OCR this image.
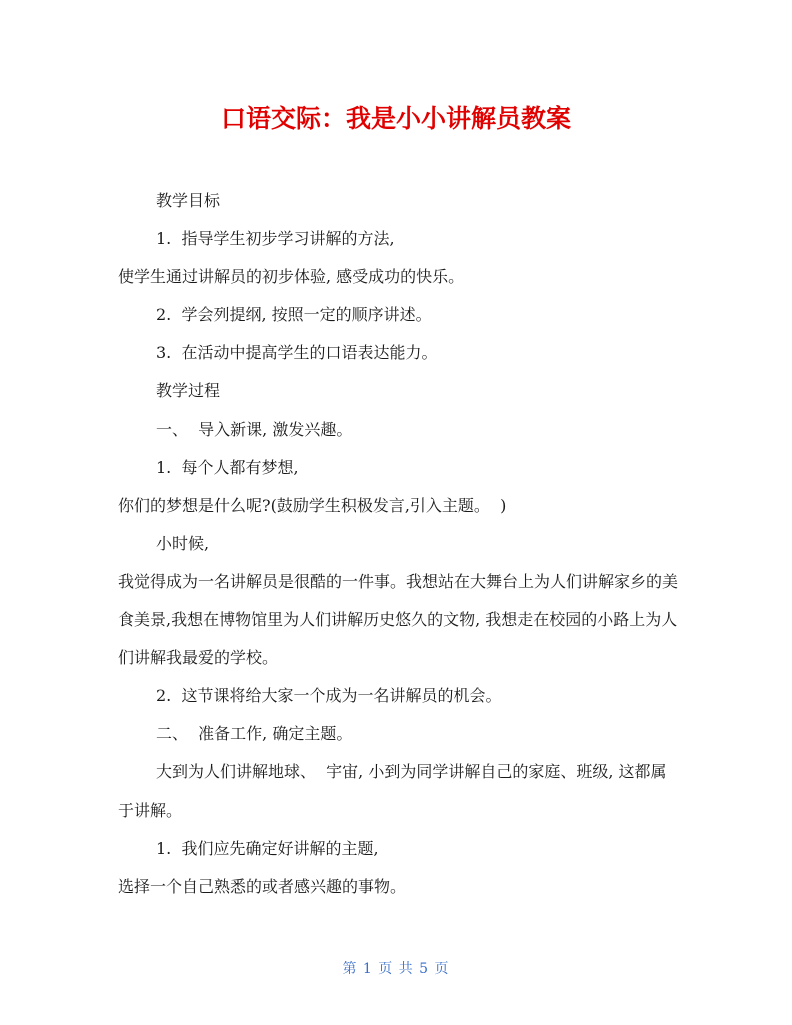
口语交际：我是小小讲解员教案

教学目标

1.  指导学生初步学习讲解的方法,

使学生通过讲解员的初步体验, 感受成功的快乐。

2.  学会列提纲, 按照一定的顺序讲述。

3.  在活动中提高学生的口语表达能力。

教学过程

一、  导入新课, 激发兴趣。

1.  每个人都有梦想,

你们的梦想是什么呢?(鼓励学生积极发言,引入主题。  )

小时候,

我觉得成为一名讲解员是很酷的一件事。我想站在大舞台上为人们讲解家乡的美食美景,我想在博物馆里为人们讲解历史悠久的文物, 我想走在校园的小路上为人们讲解我最爱的学校。

2.  这节课将给大家一个成为一名讲解员的机会。

二、  准备工作, 确定主题。

大到为人们讲解地球、  宇宙, 小到为同学讲解自己的家庭、班级, 这都属于讲解。

1.  我们应先确定好讲解的主题,

选择一个自己熟悉的或者感兴趣的事物。

第 1 页 共 5 页
